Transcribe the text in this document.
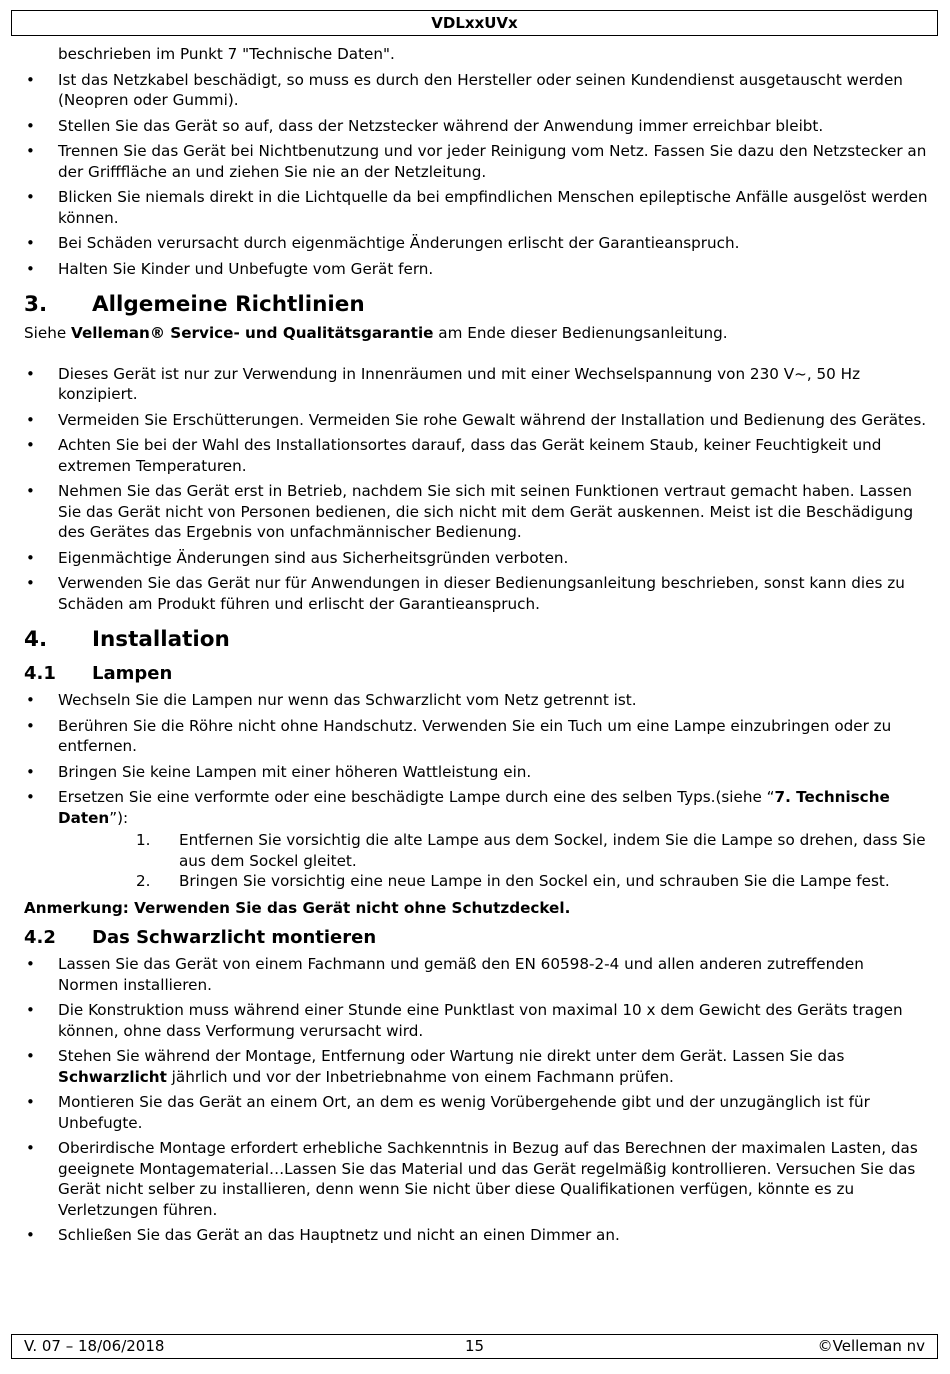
VDLxxUVx

beschrieben im Punkt 7 "Technische Daten".

• Ist das Netzkabel beschädigt, so muss es durch den Hersteller oder seinen Kundendienst ausgetauscht werden (Neopren oder Gummi).
• Stellen Sie das Gerät so auf, dass der Netzstecker während der Anwendung immer erreichbar bleibt.
• Trennen Sie das Gerät bei Nichtbenutzung und vor jeder Reinigung vom Netz. Fassen Sie dazu den Netzstecker an der Grifffläche an und ziehen Sie nie an der Netzleitung.
• Blicken Sie niemals direkt in die Lichtquelle da bei empfindlichen Menschen epileptische Anfälle ausgelöst werden können.
• Bei Schäden verursacht durch eigenmächtige Änderungen erlischt der Garantieanspruch.
• Halten Sie Kinder und Unbefugte vom Gerät fern.
3. Allgemeine Richtlinien

Siehe Velleman® Service- und Qualitätsgarantie am Ende dieser Bedienungsanleitung.

• Dieses Gerät ist nur zur Verwendung in Innenräumen und mit einer Wechselspannung von 230 V~, 50 Hz konzipiert.
• Vermeiden Sie Erschütterungen. Vermeiden Sie rohe Gewalt während der Installation und Bedienung des Gerätes.
• Achten Sie bei der Wahl des Installationsortes darauf, dass das Gerät keinem Staub, keiner Feuchtigkeit und extremen Temperaturen.
• Nehmen Sie das Gerät erst in Betrieb, nachdem Sie sich mit seinen Funktionen vertraut gemacht haben. Lassen Sie das Gerät nicht von Personen bedienen, die sich nicht mit dem Gerät auskennen. Meist ist die Beschädigung des Gerätes das Ergebnis von unfachmännischer Bedienung.
• Eigenmächtige Änderungen sind aus Sicherheitsgründen verboten.
• Verwenden Sie das Gerät nur für Anwendungen in dieser Bedienungsanleitung beschrieben, sonst kann dies zu Schäden am Produkt führen und erlischt der Garantieanspruch.
4. Installation
4.1 Lampen
• Wechseln Sie die Lampen nur wenn das Schwarzlicht vom Netz getrennt ist.
• Berühren Sie die Röhre nicht ohne Handschutz. Verwenden Sie ein Tuch um eine Lampe einzubringen oder zu entfernen.
• Bringen Sie keine Lampen mit einer höheren Wattleistung ein.
• Ersetzen Sie eine verformte oder eine beschädigte Lampe durch eine des selben Typs.(siehe “7. Technische Daten”):
1. Entfernen Sie vorsichtig die alte Lampe aus dem Sockel, indem Sie die Lampe so drehen, dass Sie aus dem Sockel gleitet.
2. Bringen Sie vorsichtig eine neue Lampe in den Sockel ein, und schrauben Sie die Lampe fest.

Anmerkung: Verwenden Sie das Gerät nicht ohne Schutzdeckel.

4.2 Das Schwarzlicht montieren
• Lassen Sie das Gerät von einem Fachmann und gemäß den EN 60598-2-4 und allen anderen zutreffenden Normen installieren.
• Die Konstruktion muss während einer Stunde eine Punktlast von maximal 10 x dem Gewicht des Geräts tragen können, ohne dass Verformung verursacht wird.
• Stehen Sie während der Montage, Entfernung oder Wartung nie direkt unter dem Gerät. Lassen Sie das Schwarzlicht jährlich und vor der Inbetriebnahme von einem Fachmann prüfen.
• Montieren Sie das Gerät an einem Ort, an dem es wenig Vorübergehende gibt und der unzugänglich ist für Unbefugte.
• Oberirdische Montage erfordert erhebliche Sachkenntnis in Bezug auf das Berechnen der maximalen Lasten, das geeignete Montagematerial…Lassen Sie das Material und das Gerät regelmäßig kontrollieren. Versuchen Sie das Gerät nicht selber zu installieren, denn wenn Sie nicht über diese Qualifikationen verfügen, könnte es zu Verletzungen führen.
• Schließen Sie das Gerät an das Hauptnetz und nicht an einen Dimmer an.
V. 07 – 18/06/2018	15	©Velleman nv
